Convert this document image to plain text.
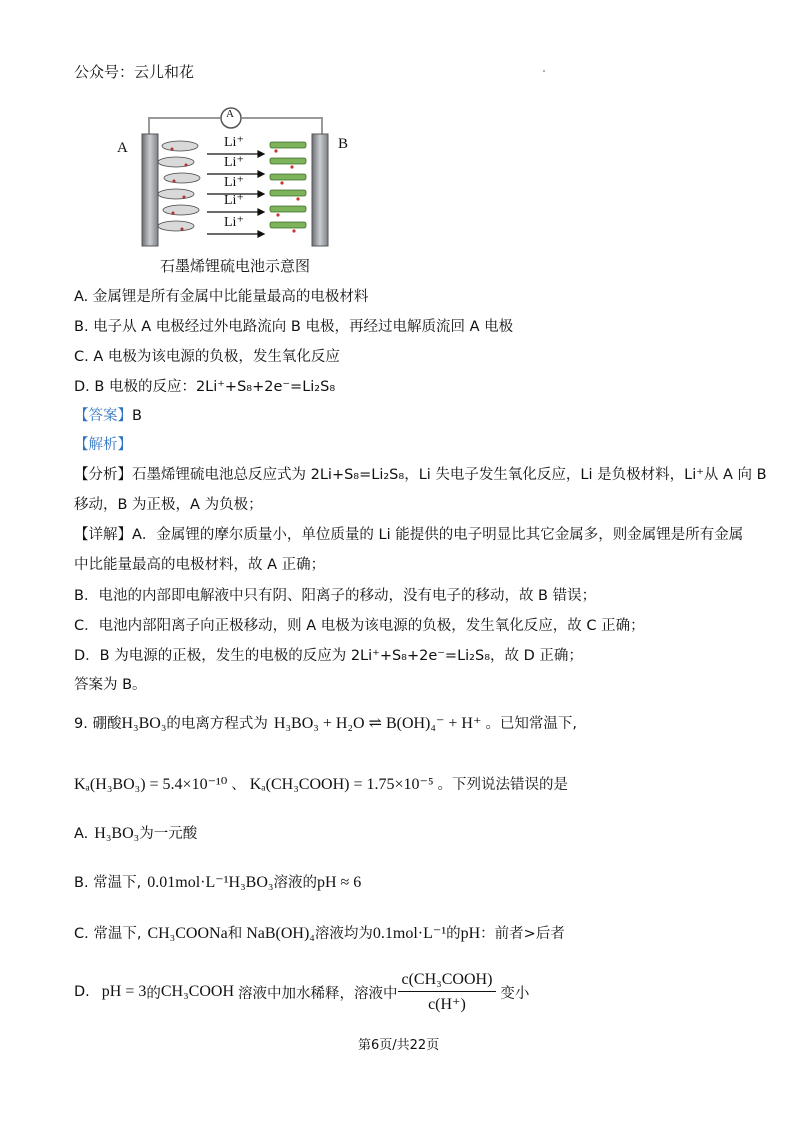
公众号：云儿和花
A	B
A
Li⁺
Li⁺
Li⁺
Li⁺
Li⁺
石墨烯锂硫电池示意图
A. 金属锂是所有金属中比能量最高的电极材料
B. 电子从 A 电极经过外电路流向 B 电极，再经过电解质流回 A 电极
C. A 电极为该电源的负极，发生氧化反应
D. B 电极的反应：2Li⁺+S₈+2e⁻=Li₂S₈
【答案】B
【解析】
【分析】石墨烯锂硫电池总反应式为 2Li+S₈=Li₂S₈，Li 失电子发生氧化反应，Li 是负极材料，Li⁺从 A 向 B
移动，B 为正极，A 为负极；
【详解】A．金属锂的摩尔质量小，单位质量的 Li 能提供的电子明显比其它金属多，则金属锂是所有金属
中比能量最高的电极材料，故 A 正确；
B．电池的内部即电解液中只有阴、阳离子的移动，没有电子的移动，故 B 错误；
C．电池内部阳离子向正极移动，则 A 电极为该电源的负极，发生氧化反应，故 C 正确；
D．B 为电源的正极，发生的电极的反应为 2Li⁺+S₈+2e⁻=Li₂S₈，故 D 正确；
答案为 B。
9. 硼酸H₃BO₃的电离方程式为 H₃BO₃ + H₂O ⇌ B(OH)₄⁻ + H⁺ 。已知常温下,
Kₐ(H₃BO₃) = 5.4×10⁻¹⁰ 、 Kₐ(CH₃COOH) = 1.75×10⁻⁵ 。下列说法错误的是
A. H₃BO₃为一元酸
B. 常温下, 0.01mol·L⁻¹H₃BO₃溶液的pH ≈ 6
C. 常温下, CH₃COONa和 NaB(OH)₄溶液均为0.1mol·L⁻¹的pH：前者>后者
D. pH = 3 的 CH₃COOH 溶液中加水稀释，溶液中 $\frac{\text{c(CH₃COOH)}}{c(H^+)}$ 变小
第6页/共22页
